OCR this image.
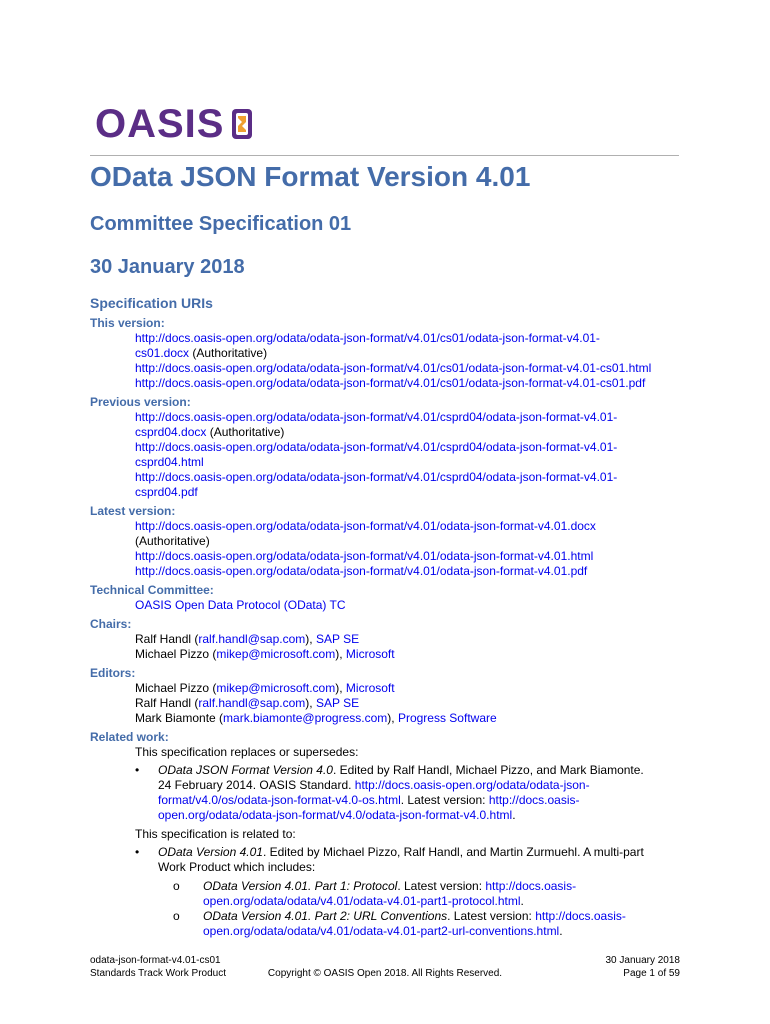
OASIS
OData JSON Format Version 4.01
Committee Specification 01
30 January 2018
Specification URIs
This version:
http://docs.oasis-open.org/odata/odata-json-format/v4.01/cs01/odata-json-format-v4.01-
cs01.docx (Authoritative)
http://docs.oasis-open.org/odata/odata-json-format/v4.01/cs01/odata-json-format-v4.01-cs01.html
http://docs.oasis-open.org/odata/odata-json-format/v4.01/cs01/odata-json-format-v4.01-cs01.pdf
Previous version:
http://docs.oasis-open.org/odata/odata-json-format/v4.01/csprd04/odata-json-format-v4.01-
csprd04.docx (Authoritative)
http://docs.oasis-open.org/odata/odata-json-format/v4.01/csprd04/odata-json-format-v4.01-
csprd04.html
http://docs.oasis-open.org/odata/odata-json-format/v4.01/csprd04/odata-json-format-v4.01-
csprd04.pdf
Latest version:
http://docs.oasis-open.org/odata/odata-json-format/v4.01/odata-json-format-v4.01.docx
(Authoritative)
http://docs.oasis-open.org/odata/odata-json-format/v4.01/odata-json-format-v4.01.html
http://docs.oasis-open.org/odata/odata-json-format/v4.01/odata-json-format-v4.01.pdf
Technical Committee:
OASIS Open Data Protocol (OData) TC
Chairs:
Ralf Handl (ralf.handl@sap.com), SAP SE
Michael Pizzo (mikep@microsoft.com), Microsoft
Editors:
Michael Pizzo (mikep@microsoft.com), Microsoft
Ralf Handl (ralf.handl@sap.com), SAP SE
Mark Biamonte (mark.biamonte@progress.com), Progress Software
Related work:
This specification replaces or supersedes:
• OData JSON Format Version 4.0. Edited by Ralf Handl, Michael Pizzo, and Mark Biamonte.
24 February 2014. OASIS Standard. http://docs.oasis-open.org/odata/odata-json-
format/v4.0/os/odata-json-format-v4.0-os.html. Latest version: http://docs.oasis-
open.org/odata/odata-json-format/v4.0/odata-json-format-v4.0.html.
This specification is related to:
• OData Version 4.01. Edited by Michael Pizzo, Ralf Handl, and Martin Zurmuehl. A multi-part
Work Product which includes:
o OData Version 4.01. Part 1: Protocol. Latest version: http://docs.oasis-
open.org/odata/odata/v4.01/odata-v4.01-part1-protocol.html.
o OData Version 4.01. Part 2: URL Conventions. Latest version: http://docs.oasis-
open.org/odata/odata/v4.01/odata-v4.01-part2-url-conventions.html.
odata-json-format-v4.01-cs01
Standards Track Work Product	Copyright © OASIS Open 2018. All Rights Reserved.
30 January 2018
Page 1 of 59
